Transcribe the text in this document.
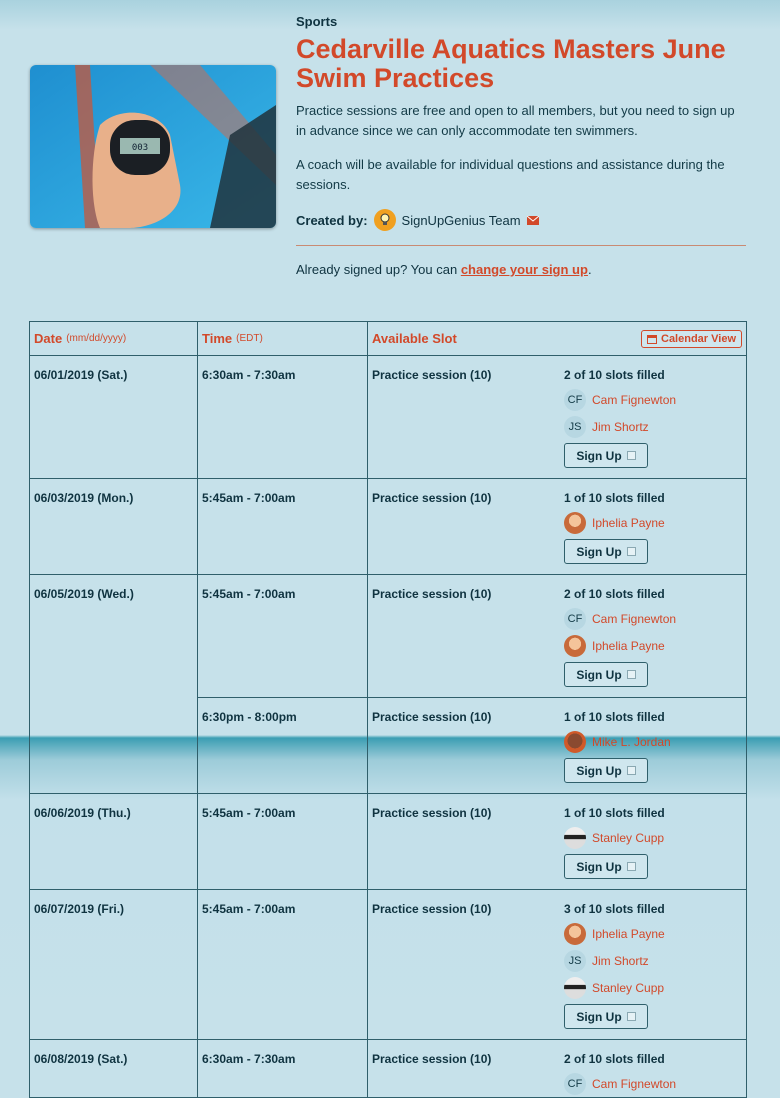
003
Sports
Cedarville Aquatics Masters June Swim Practices

Practice sessions are free and open to all members, but you need to sign up in advance since we can only accommodate ten swimmers.

A coach will be available for individual questions and assistance during the sessions.

Created by:	SignUpGenius Team
Already signed up? You can change your sign up.
Date (mm/dd/yyyy)	Time (EDT)	Available Slot	Calendar View
06/01/2019 (Sat.)	6:30am - 7:30am	Practice session (10)	2 of 10 slots filled
CF Cam Fignewton
JS Jim Shortz
Sign Up
06/03/2019 (Mon.)	5:45am - 7:00am	Practice session (10)	1 of 10 slots filled
Iphelia Payne
Sign Up
06/05/2019 (Wed.)	5:45am - 7:00am	Practice session (10)	2 of 10 slots filled
CF Cam Fignewton
Iphelia Payne
Sign Up
6:30pm - 8:00pm	Practice session (10)	1 of 10 slots filled
Mike L. Jordan
Sign Up
06/06/2019 (Thu.)	5:45am - 7:00am	Practice session (10)	1 of 10 slots filled
Stanley Cupp
Sign Up
06/07/2019 (Fri.)	5:45am - 7:00am	Practice session (10)	3 of 10 slots filled
Iphelia Payne
JS Jim Shortz
Stanley Cupp
Sign Up
06/08/2019 (Sat.)	6:30am - 7:30am	Practice session (10)	2 of 10 slots filled
CF Cam Fignewton
